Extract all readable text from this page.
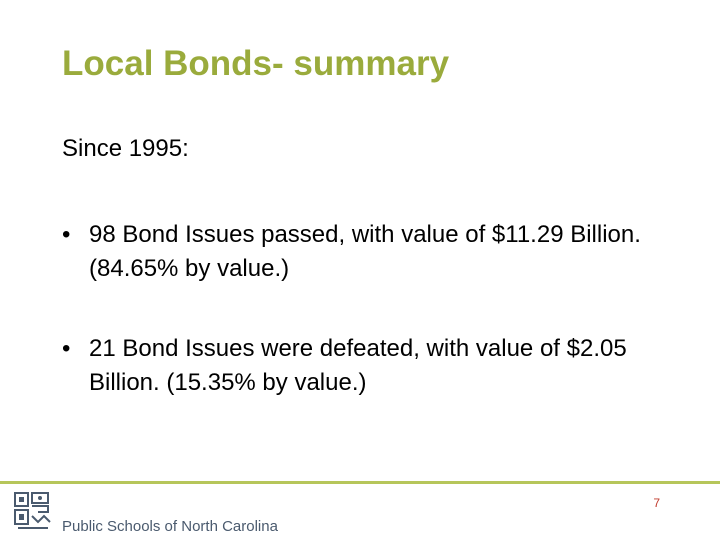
Local Bonds- summary
Since 1995:
• 98 Bond Issues passed, with value of $11.29 Billion. (84.65% by value.)
• 21 Bond Issues were defeated, with value of $2.05 Billion. (15.35% by value.)
7
Public Schools of North Carolina
